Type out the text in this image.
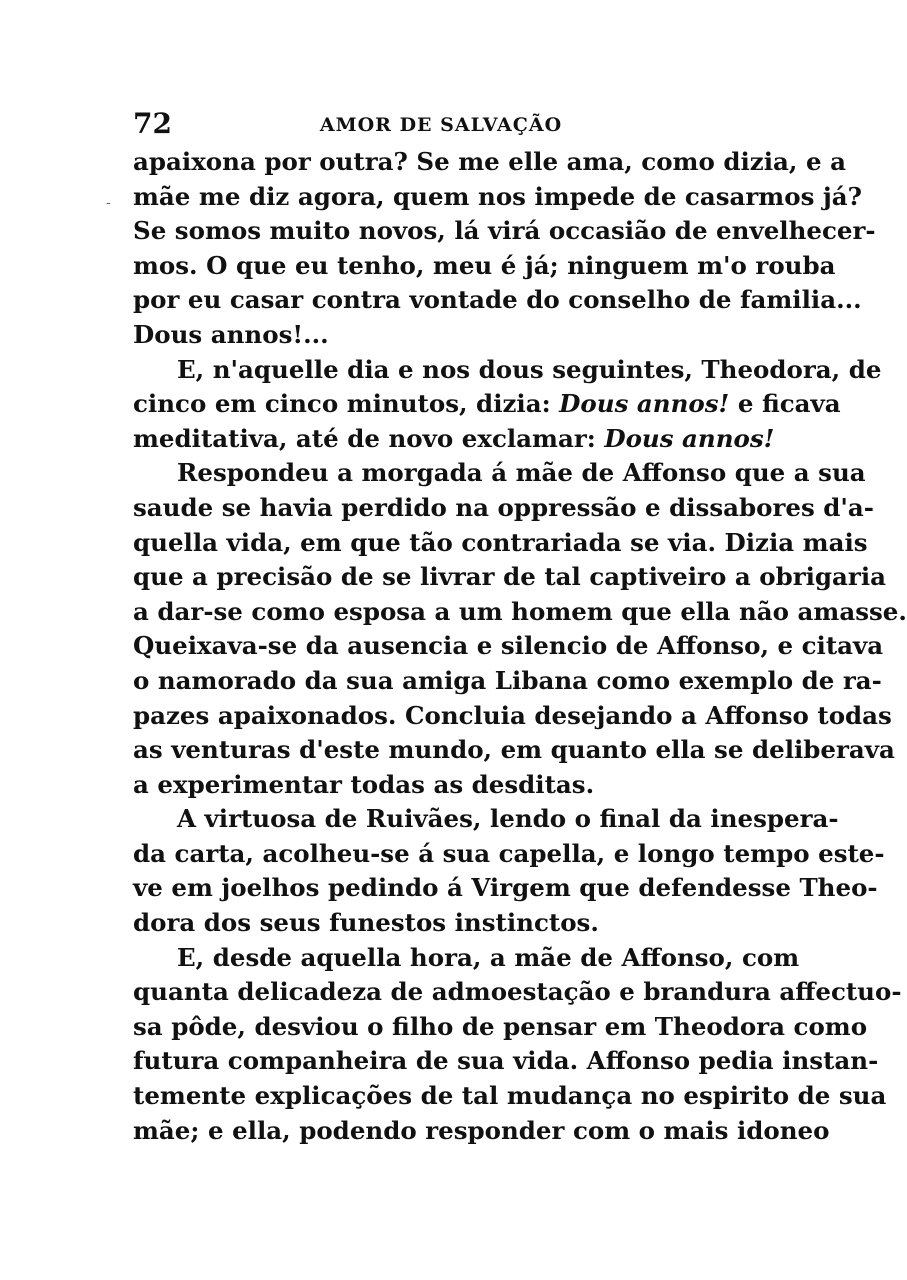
72	AMOR DE SALVAÇÃO
-
apaixona por outra? Se me elle ama, como dizia, e a
mãe me diz agora, quem nos impede de casarmos já?
Se somos muito novos, lá virá occasião de envelhecer-
mos. O que eu tenho, meu é já; ninguem m'o rouba
por eu casar contra vontade do conselho de familia...
Dous annos!...
E, n'aquelle dia e nos dous seguintes, Theodora, de
cinco em cinco minutos, dizia: Dous annos! e ficava
meditativa, até de novo exclamar: Dous annos!
Respondeu a morgada á mãe de Affonso que a sua
saude se havia perdido na oppressão e dissabores d'a-
quella vida, em que tão contrariada se via. Dizia mais
que a precisão de se livrar de tal captiveiro a obrigaria
a dar-se como esposa a um homem que ella não amasse.
Queixava-se da ausencia e silencio de Affonso, e citava
o namorado da sua amiga Libana como exemplo de ra-
pazes apaixonados. Concluia desejando a Affonso todas
as venturas d'este mundo, em quanto ella se deliberava
a experimentar todas as desditas.
A virtuosa de Ruivães, lendo o final da inespera-
da carta, acolheu-se á sua capella, e longo tempo este-
ve em joelhos pedindo á Virgem que defendesse Theo-
dora dos seus funestos instinctos.
E, desde aquella hora, a mãe de Affonso, com
quanta delicadeza de admoestação e brandura affectuo-
sa pôde, desviou o filho de pensar em Theodora como
futura companheira de sua vida. Affonso pedia instan-
temente explicações de tal mudança no espirito de sua
mãe; e ella, podendo responder com o mais idoneo
